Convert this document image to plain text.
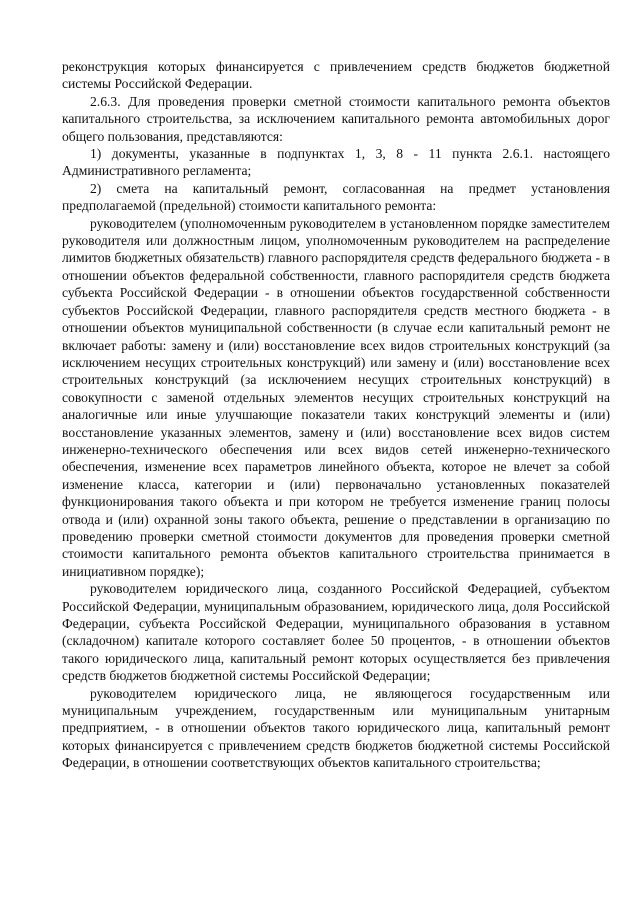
реконструкция которых финансируется с привлечением средств бюджетов бюджетной системы Российской Федерации.

2.6.3. Для проведения проверки сметной стоимости капитального ремонта объектов капитального строительства, за исключением капитального ремонта автомобильных дорог общего пользования, представляются:

1) документы, указанные в подпунктах 1, 3, 8 - 11 пункта 2.6.1. настоящего Административного регламента;

2) смета на капитальный ремонт, согласованная на предмет установления предполагаемой (предельной) стоимости капитального ремонта:

руководителем (уполномоченным руководителем в установленном порядке заместителем руководителя или должностным лицом, уполномоченным руководителем на распределение лимитов бюджетных обязательств) главного распорядителя средств федерального бюджета - в отношении объектов федеральной собственности, главного распорядителя средств бюджета субъекта Российской Федерации - в отношении объектов государственной собственности субъектов Российской Федерации, главного распорядителя средств местного бюджета - в отношении объектов муниципальной собственности (в случае если капитальный ремонт не включает работы: замену и (или) восстановление всех видов строительных конструкций (за исключением несущих строительных конструкций) или замену и (или) восстановление всех строительных конструкций (за исключением несущих строительных конструкций) в совокупности с заменой отдельных элементов несущих строительных конструкций на аналогичные или иные улучшающие показатели таких конструкций элементы и (или) восстановление указанных элементов, замену и (или) восстановление всех видов систем инженерно-технического обеспечения или всех видов сетей инженерно-технического обеспечения, изменение всех параметров линейного объекта, которое не влечет за собой изменение класса, категории и (или) первоначально установленных показателей функционирования такого объекта и при котором не требуется изменение границ полосы отвода и (или) охранной зоны такого объекта, решение о представлении в организацию по проведению проверки сметной стоимости документов для проведения проверки сметной стоимости капитального ремонта объектов капитального строительства принимается в инициативном порядке);

руководителем юридического лица, созданного Российской Федерацией, субъектом Российской Федерации, муниципальным образованием, юридического лица, доля Российской Федерации, субъекта Российской Федерации, муниципального образования в уставном (складочном) капитале которого составляет более 50 процентов, - в отношении объектов такого юридического лица, капитальный ремонт которых осуществляется без привлечения средств бюджетов бюджетной системы Российской Федерации;

руководителем юридического лица, не являющегося государственным или муниципальным учреждением, государственным или муниципальным унитарным предприятием, - в отношении объектов такого юридического лица, капитальный ремонт которых финансируется с привлечением средств бюджетов бюджетной системы Российской Федерации, в отношении соответствующих объектов капитального строительства;
